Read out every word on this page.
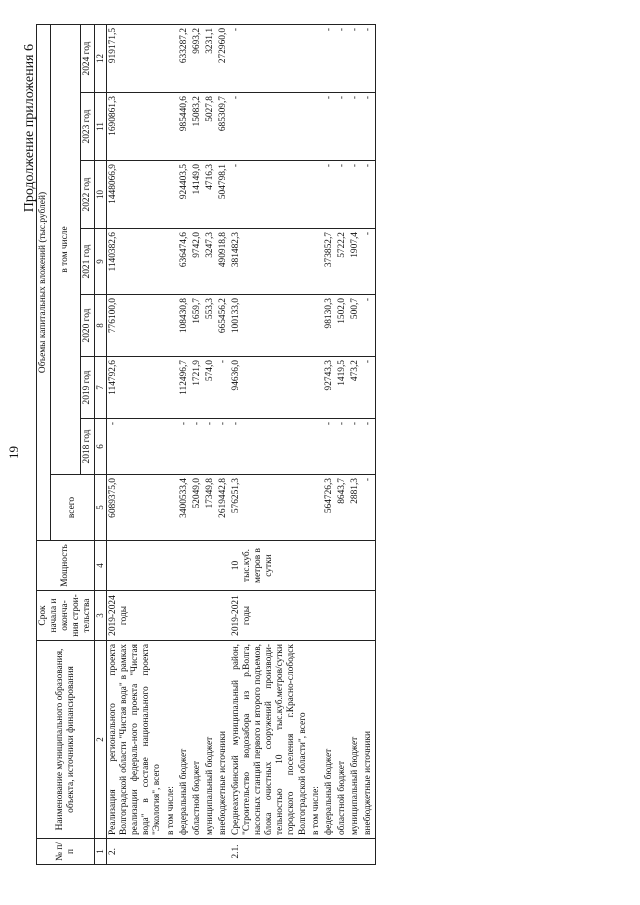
19
Продолжение приложения 6
№ п/п	Наименование муниципального образования, объекта, источники финансирования	Срок начала и оконча-ния строи-тельства	Мощность	Объемы капитальных вложений (тыс.рублей)							
				всего	в том числе						
					2018 год	2019 год	2020 год	2021 год	2022 год	2023 год	2024 год
1	2	3	4	5	6	7	8	9	10	11	12
2.	Реализация регионального проекта Волгоградской области "Чистая вода" в рамках реализации федераль-ного проекта "Чистая вода" в составе национального проекта "Экология", всего	2019-2024 годы		6089375,0	-	114792,6	776100,0	1140382,6	1448066,9	1690861,3	919171,5
	в том числе:										
	федеральный бюджет			3400533,4	-	112496,7	108430,8	636474,6	924403,5	985440,6	633287,2
	областной бюджет			52049,0	-	1721,9	1659,7	9742,0	14149,0	15083,2	9693,2
	муниципальный бюджет			17349,8	-	574,0	553,3	3247,3	4716,3	5027,8	3231,1
	внебюджетные источники			2619442,8	-	-	665456,2	490918,8	504798,1	685309,7	272960,0
2.1.	Среднеахтубинский муниципальный район, "Строительство водозабора из р.Волга, насосных станций первого и второго подъемов, блока очистных сооружений производи-тельностью 10 тыс.куб.метров/сутки городского поселения г.Красно-слободск Волгоградской области", всего	2019-2021 годы	10 тыс.куб. метров в сутки	576251,3	-	94636,0	100133,0	381482,3	-	-	-
	в том числе:										
	федеральный бюджет			564726,3	-	92743,3	98130,3	373852,7	-	-	-
	областной бюджет			8643,7	-	1419,5	1502,0	5722,2	-	-	-
	муниципальный бюджет			2881,3	-	473,2	500,7	1907,4	-	-	-
	внебюджетные источники			-	-	-	-	-	-	-	-
